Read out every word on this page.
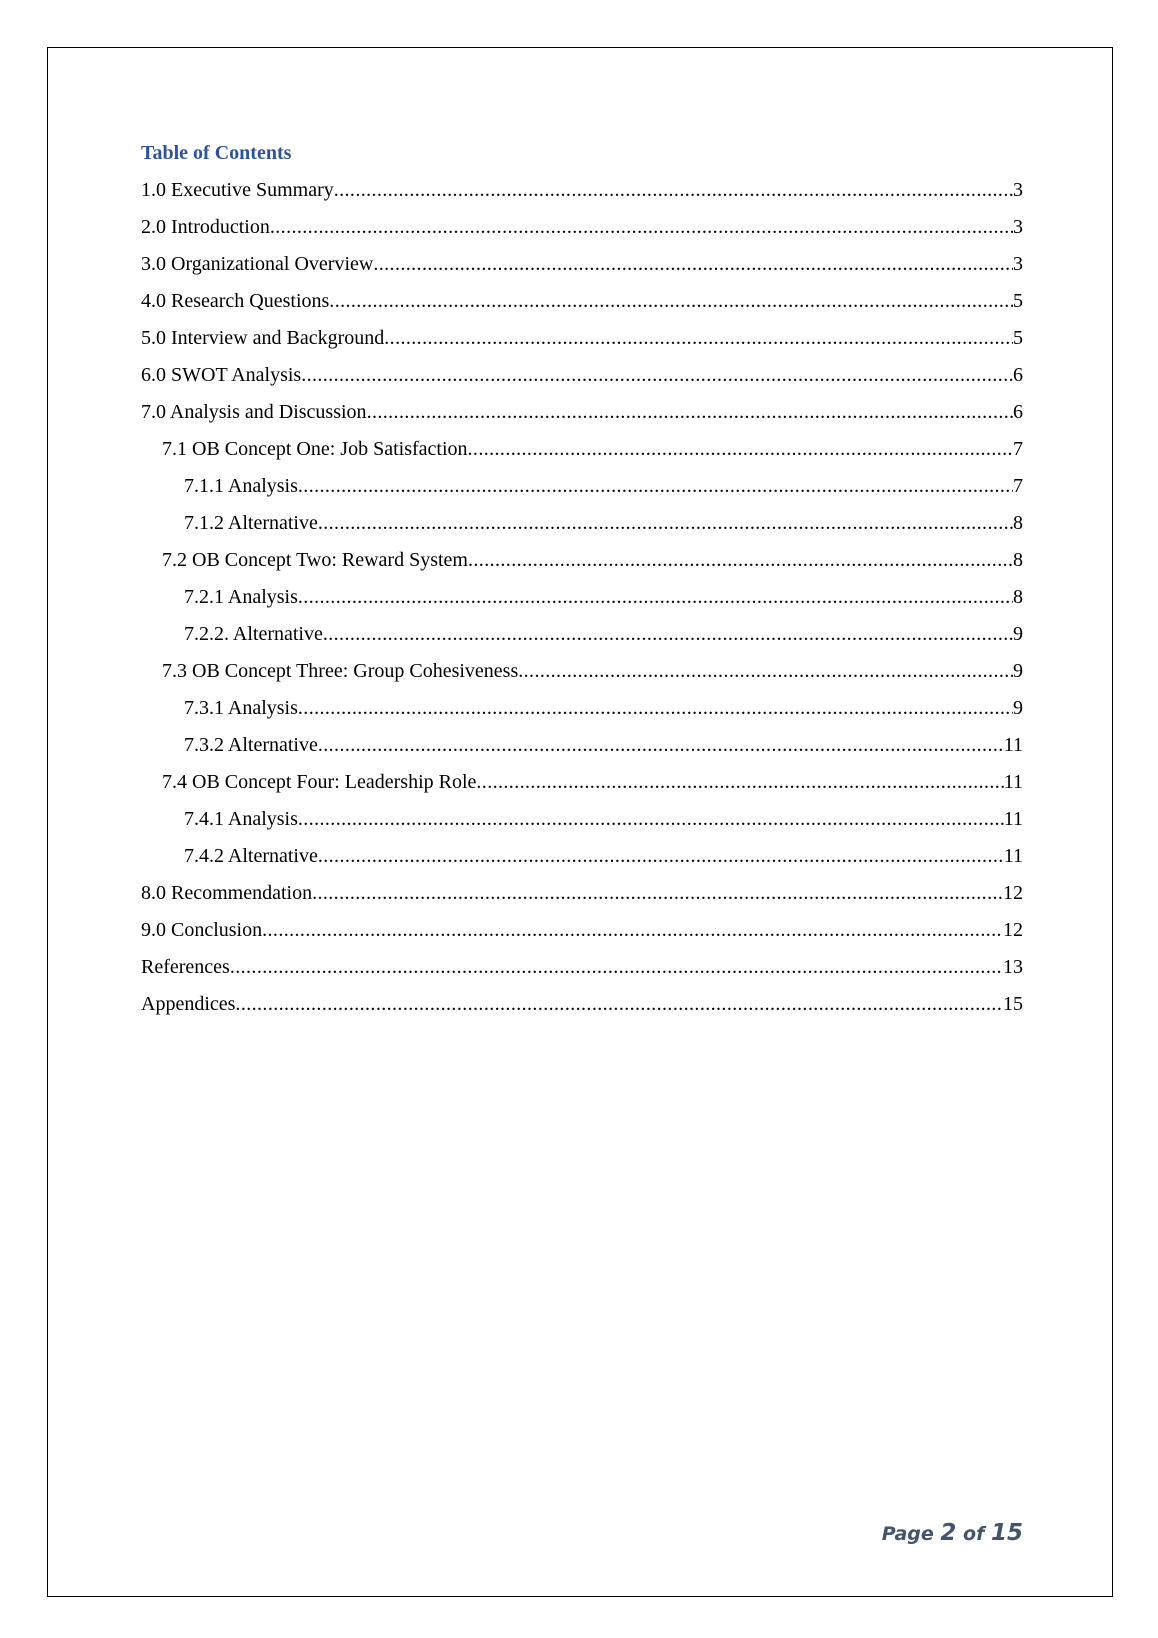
Table of Contents
1.0 Executive Summary .....	3
2.0 Introduction .....	3
3.0 Organizational Overview .....	3
4.0 Research Questions .....	5
5.0 Interview and Background .....	5
6.0 SWOT Analysis .....	6
7.0 Analysis and Discussion .....	6
7.1 OB Concept One: Job Satisfaction .....	7
7.1.1 Analysis .....	7
7.1.2 Alternative .....	8
7.2 OB Concept Two: Reward System .....	8
7.2.1 Analysis .....	8
7.2.2. Alternative .....	9
7.3 OB Concept Three: Group Cohesiveness .....	9
7.3.1 Analysis .....	9
7.3.2 Alternative .....	11
7.4 OB Concept Four: Leadership Role .....	11
7.4.1 Analysis .....	11
7.4.2 Alternative .....	11
8.0 Recommendation .....	12
9.0 Conclusion .....	12
References .....	13
Appendices .....	15
Page 2 of 15
